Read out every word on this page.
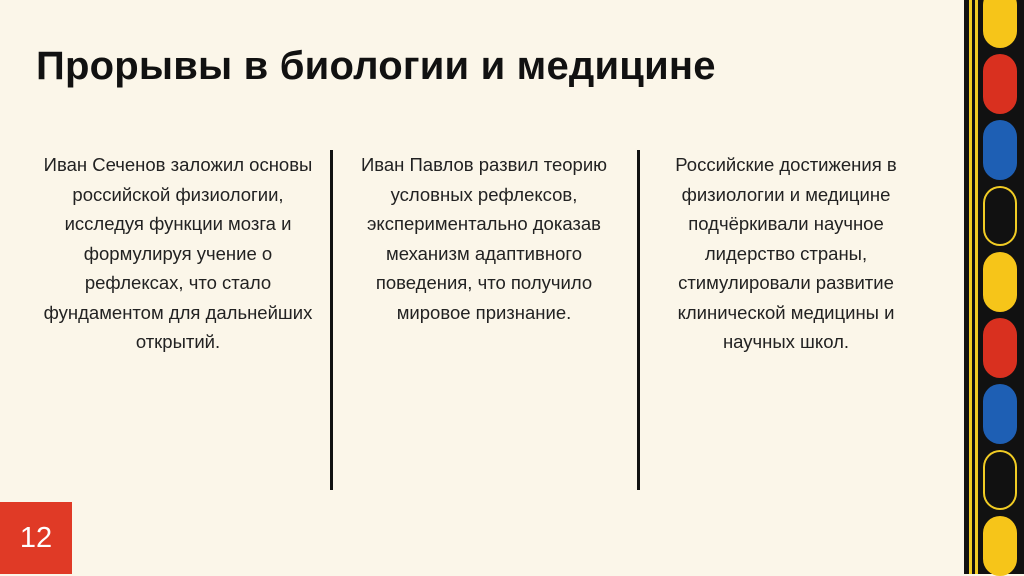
Прорывы в биологии и медицине
Иван Сеченов заложил основы российской физиологии, исследуя функции мозга и формулируя учение о рефлексах, что стало фундаментом для дальнейших открытий.
Иван Павлов развил теорию условных рефлексов, экспериментально доказав механизм адаптивного поведения, что получило мировое признание.
Российские достижения в физиологии и медицине подчёркивали научное лидерство страны, стимулировали развитие клинической медицины и научных школ.
12
